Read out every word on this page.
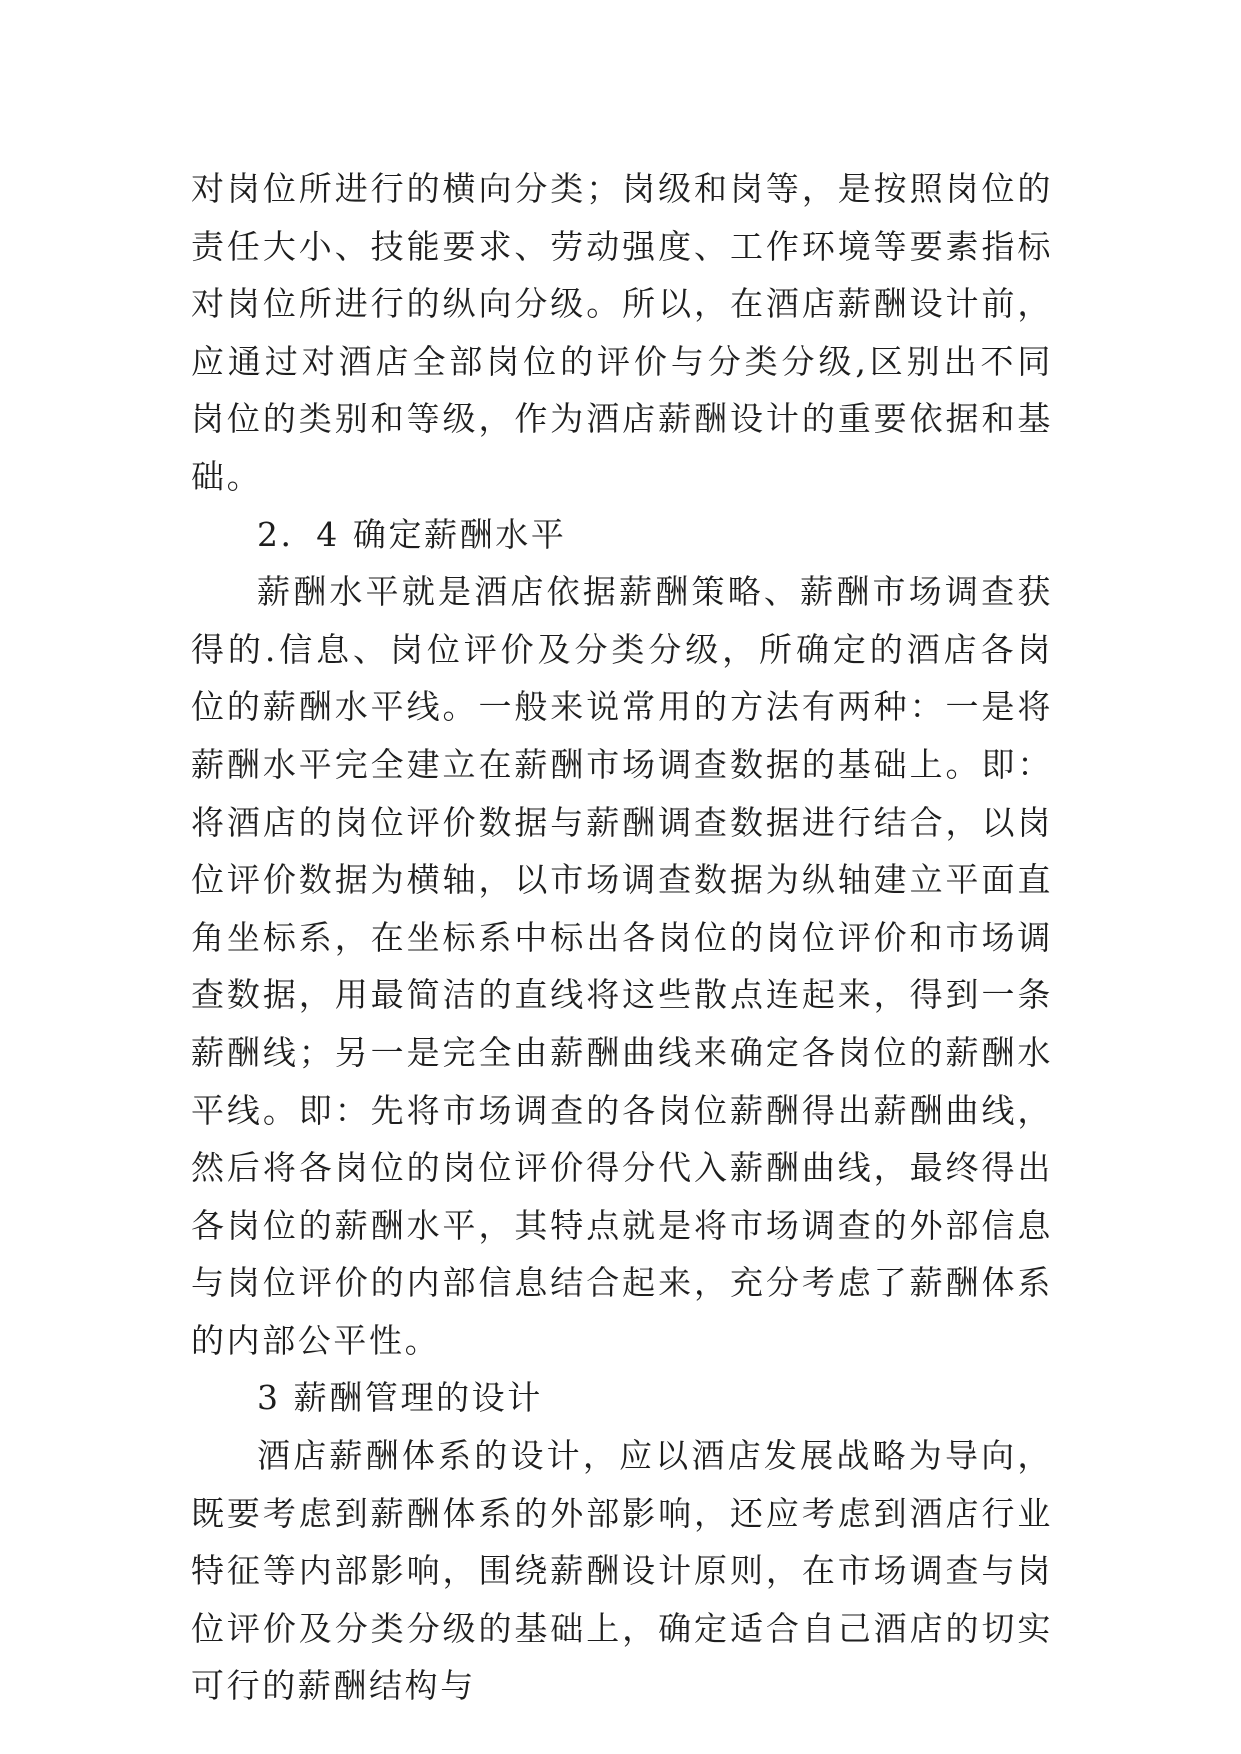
对岗位所进行的横向分类；岗级和岗等，是按照岗位的责任大小、技能要求、劳动强度、工作环境等要素指标对岗位所进行的纵向分级。所以，在酒店薪酬设计前，应通过对酒店全部岗位的评价与分类分级,区别出不同岗位的类别和等级，作为酒店薪酬设计的重要依据和基础。

2．4 确定薪酬水平

薪酬水平就是酒店依据薪酬策略、薪酬市场调查获得的.信息、岗位评价及分类分级，所确定的酒店各岗位的薪酬水平线。一般来说常用的方法有两种：一是将薪酬水平完全建立在薪酬市场调查数据的基础上。即：将酒店的岗位评价数据与薪酬调查数据进行结合，以岗位评价数据为横轴，以市场调查数据为纵轴建立平面直角坐标系，在坐标系中标出各岗位的岗位评价和市场调查数据，用最简洁的直线将这些散点连起来，得到一条薪酬线；另一是完全由薪酬曲线来确定各岗位的薪酬水平线。即：先将市场调查的各岗位薪酬得出薪酬曲线，然后将各岗位的岗位评价得分代入薪酬曲线，最终得出各岗位的薪酬水平，其特点就是将市场调查的外部信息与岗位评价的内部信息结合起来，充分考虑了薪酬体系的内部公平性。

3 薪酬管理的设计

酒店薪酬体系的设计，应以酒店发展战略为导向，既要考虑到薪酬体系的外部影响，还应考虑到酒店行业特征等内部影响，围绕薪酬设计原则，在市场调查与岗位评价及分类分级的基础上，确定适合自己酒店的切实可行的薪酬结构与
